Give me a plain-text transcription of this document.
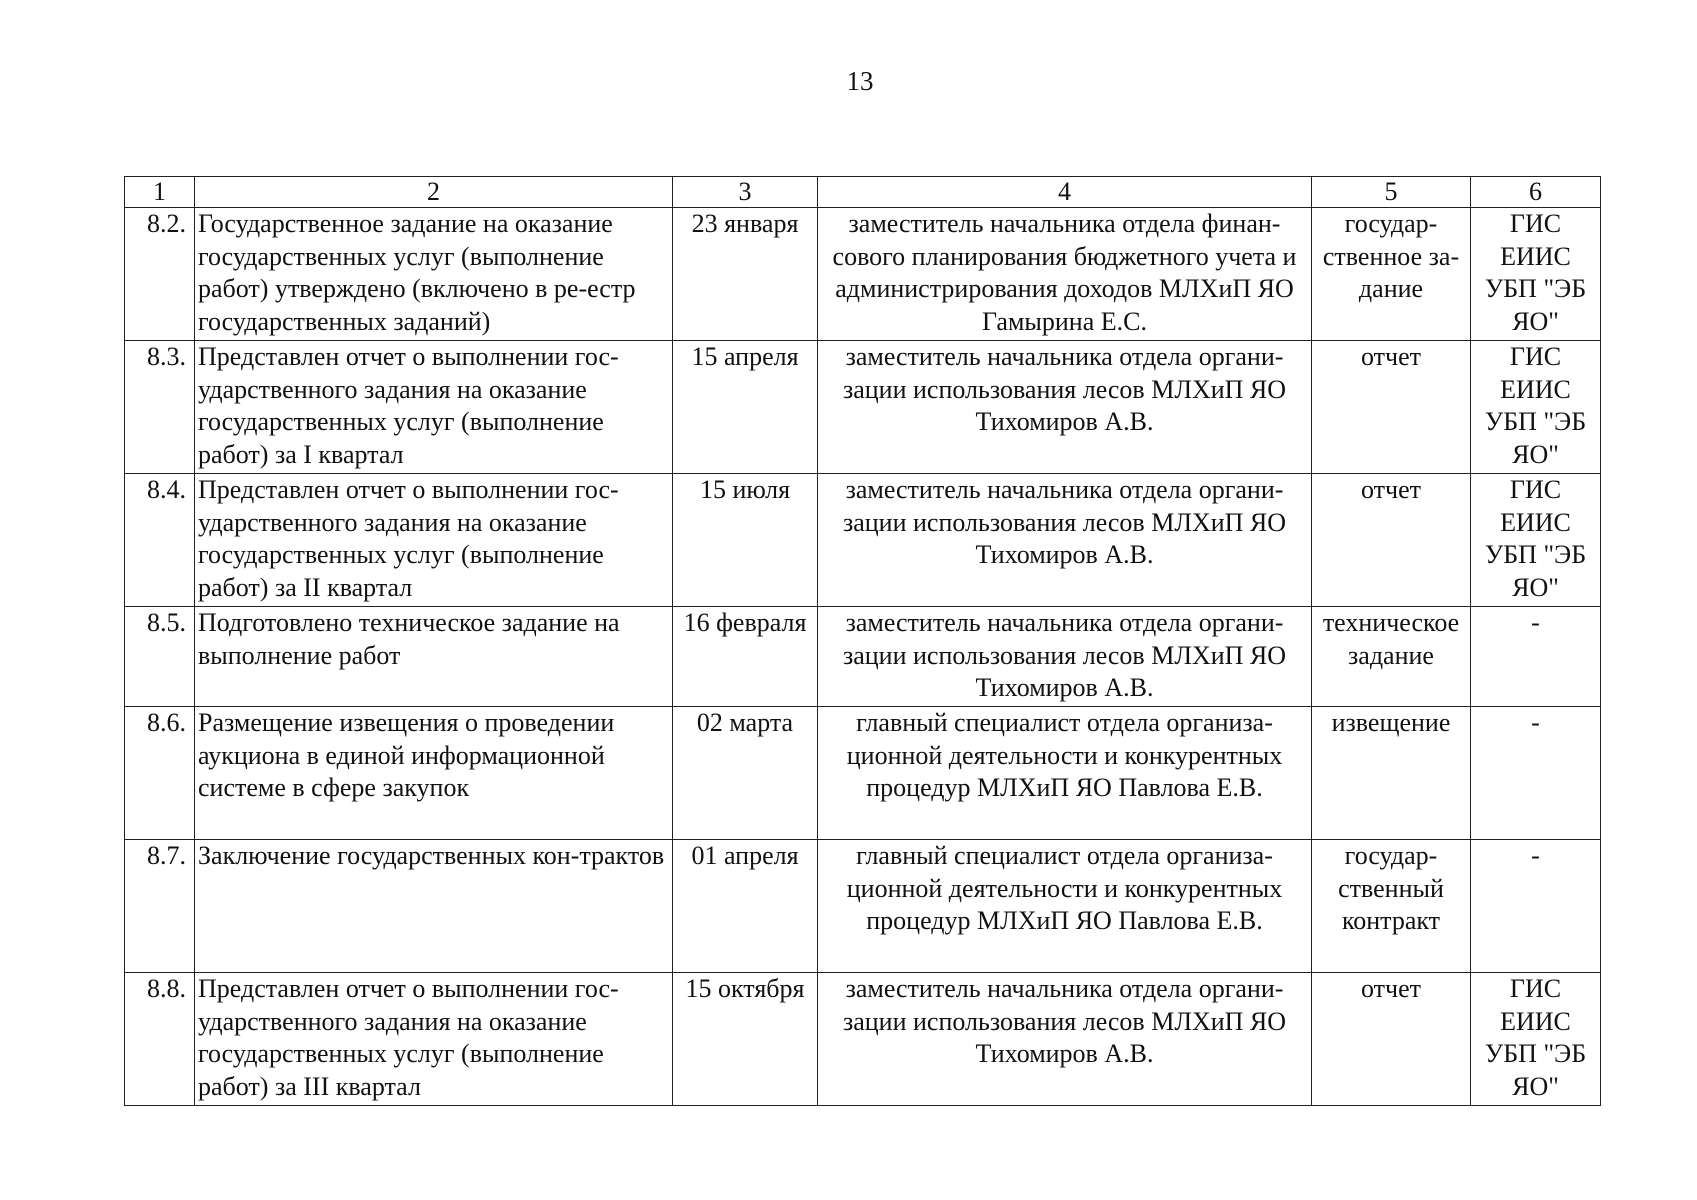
13
1	2	3	4	5	6
8.2.	Государственное задание на оказание государственных услуг (выполнение работ) утверждено (включено в ре-естр государственных заданий)	23 января	заместитель начальника отдела финан-сового планирования бюджетного учета и администрирования доходов МЛХиП ЯО Гамырина Е.С.	государ-ственное за-дание	ГИС ЕИИС УБП "ЭБ ЯО"
8.3.	Представлен отчет о выполнении гос-ударственного задания на оказание государственных услуг (выполнение работ) за I квартал	15 апреля	заместитель начальника отдела органи-зации использования лесов МЛХиП ЯО Тихомиров А.В.	отчет	ГИС ЕИИС УБП "ЭБ ЯО"
8.4.	Представлен отчет о выполнении гос-ударственного задания на оказание государственных услуг (выполнение работ) за II квартал	15 июля	заместитель начальника отдела органи-зации использования лесов МЛХиП ЯО Тихомиров А.В.	отчет	ГИС ЕИИС УБП "ЭБ ЯО"
8.5.	Подготовлено техническое задание на выполнение работ	16 февраля	заместитель начальника отдела органи-зации использования лесов МЛХиП ЯО Тихомиров А.В.	техническое задание	-
8.6.	Размещение извещения о проведении аукциона в единой информационной системе в сфере закупок	02 марта	главный специалист отдела организа-ционной деятельности и конкурентных процедур МЛХиП ЯО Павлова Е.В.	извещение	-
8.7.	Заключение государственных кон-трактов	01 апреля	главный специалист отдела организа-ционной деятельности и конкурентных процедур МЛХиП ЯО Павлова Е.В.	государ-ственный контракт	-
8.8.	Представлен отчет о выполнении гос-ударственного задания на оказание государственных услуг (выполнение работ) за III квартал	15 октября	заместитель начальника отдела органи-зации использования лесов МЛХиП ЯО Тихомиров А.В.	отчет	ГИС ЕИИС УБП "ЭБ ЯО"
